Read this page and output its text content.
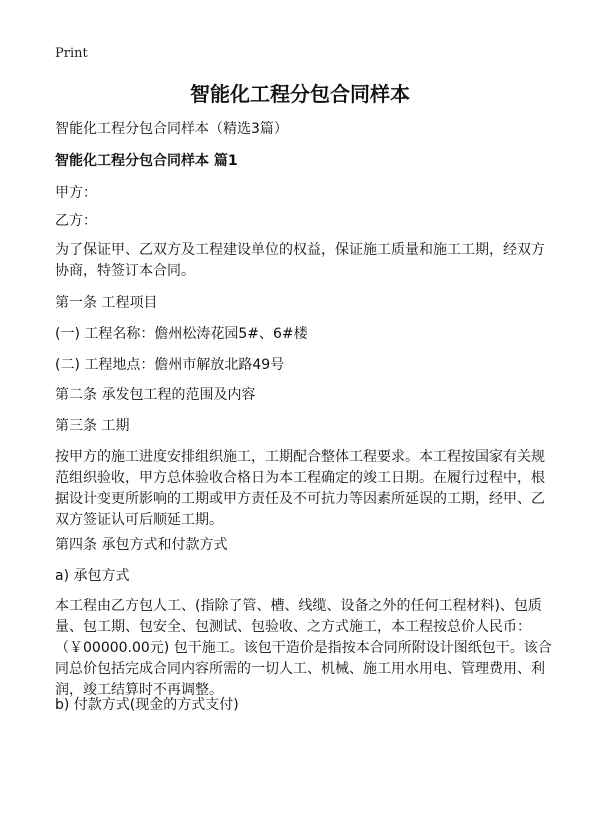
Print
智能化工程分包合同样本
智能化工程分包合同样本（精选3篇）
智能化工程分包合同样本 篇1
甲方：
乙方：
为了保证甲、乙双方及工程建设单位的权益，保证施工质量和施工工期，经双方协商，特签订本合同。
第一条 工程项目
(一) 工程名称：儋州松涛花园5#、6#楼
(二) 工程地点：儋州市解放北路49号
第二条 承发包工程的范围及内容
第三条 工期
按甲方的施工进度安排组织施工，工期配合整体工程要求。本工程按国家有关规范组织验收，甲方总体验收合格日为本工程确定的竣工日期。在履行过程中，根据设计变更所影响的工期或甲方责任及不可抗力等因素所延误的工期，经甲、乙双方签证认可后顺延工期。
第四条 承包方式和付款方式
a) 承包方式
本工程由乙方包人工、(指除了管、槽、线缆、设备之外的任何工程材料)、包质量、包工期、包安全、包测试、包验收、之方式施工，本工程按总价人民币：（￥00000.00元) 包干施工。该包干造价是指按本合同所附设计图纸包干。该合同总价包括完成合同内容所需的一切人工、机械、施工用水用电、管理费用、利润，竣工结算时不再调整。
b) 付款方式(现金的方式支付)
